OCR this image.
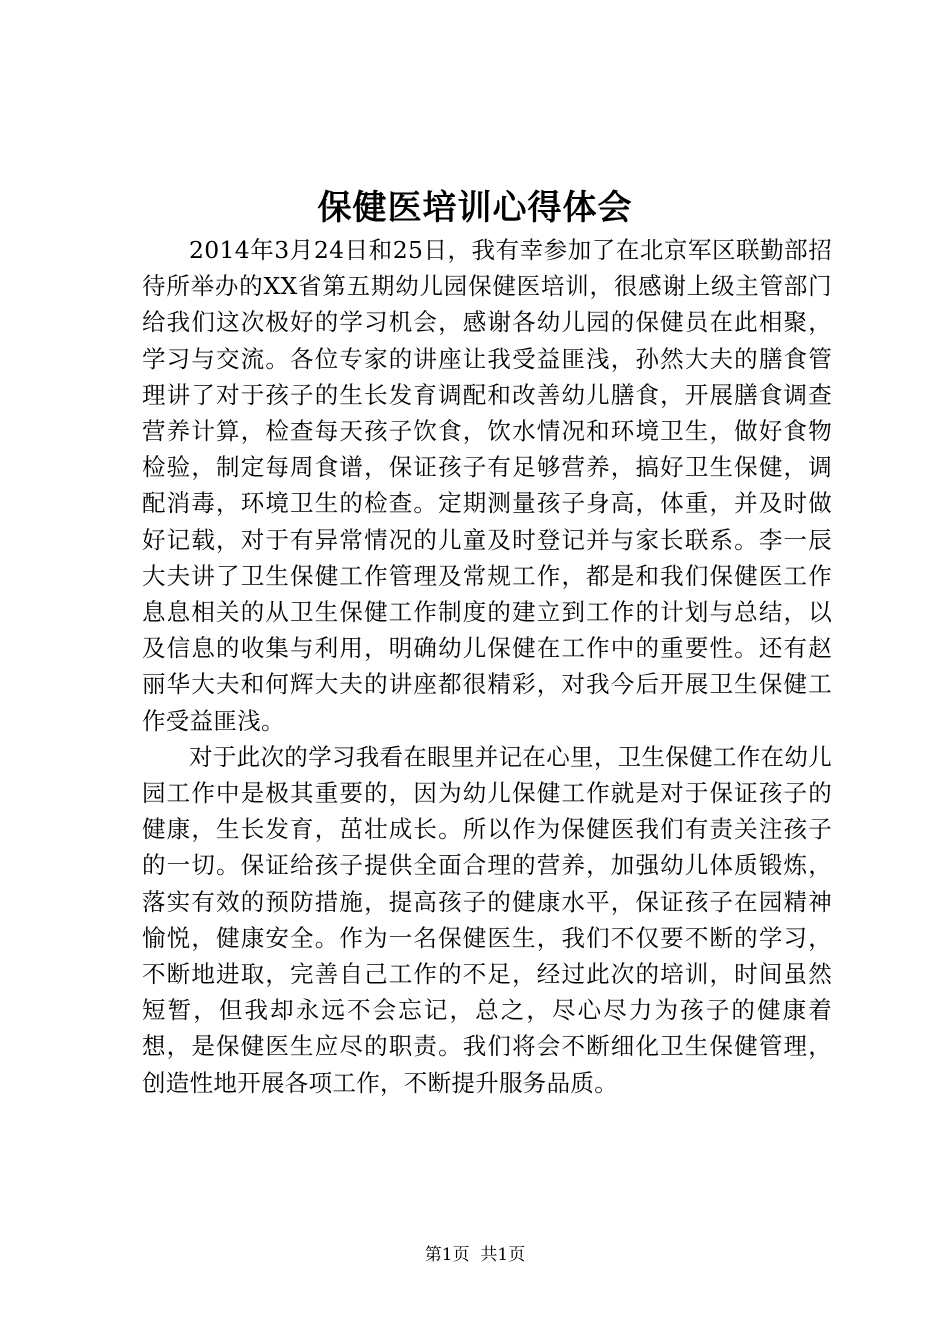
保健医培训心得体会

2014年3月24日和25日，我有幸参加了在北京军区联勤部招待所举办的XX省第五期幼儿园保健医培训，很感谢上级主管部门给我们这次极好的学习机会，感谢各幼儿园的保健员在此相聚，学习与交流。各位专家的讲座让我受益匪浅，孙然大夫的膳食管理讲了对于孩子的生长发育调配和改善幼儿膳食，开展膳食调查营养计算，检查每天孩子饮食，饮水情况和环境卫生，做好食物检验，制定每周食谱，保证孩子有足够营养，搞好卫生保健，调配消毒，环境卫生的检查。定期测量孩子身高，体重，并及时做好记载，对于有异常情况的儿童及时登记并与家长联系。李一辰大夫讲了卫生保健工作管理及常规工作，都是和我们保健医工作息息相关的从卫生保健工作制度的建立到工作的计划与总结，以及信息的收集与利用，明确幼儿保健在工作中的重要性。还有赵丽华大夫和何辉大夫的讲座都很精彩，对我今后开展卫生保健工作受益匪浅。

对于此次的学习我看在眼里并记在心里，卫生保健工作在幼儿园工作中是极其重要的，因为幼儿保健工作就是对于保证孩子的健康，生长发育，茁壮成长。所以作为保健医我们有责关注孩子的一切。保证给孩子提供全面合理的营养，加强幼儿体质锻炼，落实有效的预防措施，提高孩子的健康水平，保证孩子在园精神愉悦，健康安全。作为一名保健医生，我们不仅要不断的学习，不断地进取，完善自己工作的不足，经过此次的培训，时间虽然短暂，但我却永远不会忘记，总之，尽心尽力为孩子的健康着想，是保健医生应尽的职责。我们将会不断细化卫生保健管理，创造性地开展各项工作，不断提升服务品质。

第1页  共1页
